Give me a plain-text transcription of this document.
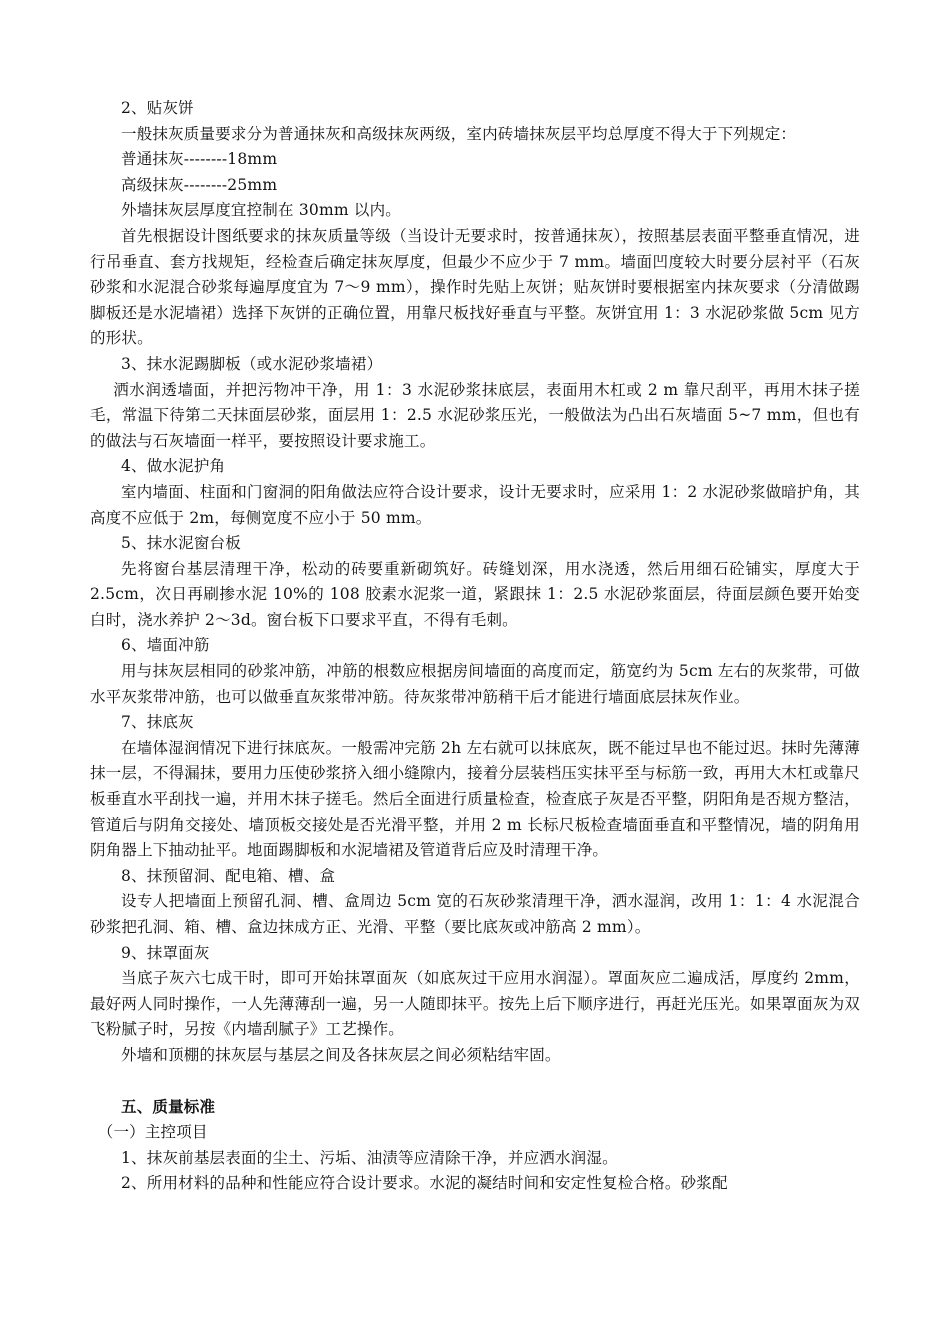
2、贴灰饼

一般抹灰质量要求分为普通抹灰和高级抹灰两级，室内砖墙抹灰层平均总厚度不得大于下列规定：

普通抹灰--------18mm

高级抹灰--------25mm

外墙抹灰层厚度宜控制在 30mm 以内。

首先根据设计图纸要求的抹灰质量等级（当设计无要求时，按普通抹灰），按照基层表面平整垂直情况，进行吊垂直、套方找规矩，经检查后确定抹灰厚度，但最少不应少于 7 mm。墙面凹度较大时要分层衬平（石灰砂浆和水泥混合砂浆每遍厚度宜为 7～9 mm），操作时先贴上灰饼；贴灰饼时要根据室内抹灰要求（分清做踢脚板还是水泥墙裙）选择下灰饼的正确位置，用靠尺板找好垂直与平整。灰饼宜用 1：3 水泥砂浆做 5cm 见方的形状。

3、抹水泥踢脚板（或水泥砂浆墙裙）

洒水润透墙面，并把污物冲干净，用 1：3 水泥砂浆抹底层，表面用木杠或 2 m 靠尺刮平，再用木抹子搓毛，常温下待第二天抹面层砂浆，面层用 1：2.5 水泥砂浆压光，一般做法为凸出石灰墙面 5~7 mm，但也有的做法与石灰墙面一样平，要按照设计要求施工。

4、做水泥护角

室内墙面、柱面和门窗洞的阳角做法应符合设计要求，设计无要求时，应采用 1：2 水泥砂浆做暗护角，其高度不应低于 2m，每侧宽度不应小于 50 mm。

5、抹水泥窗台板

先将窗台基层清理干净，松动的砖要重新砌筑好。砖缝划深，用水浇透，然后用细石砼铺实，厚度大于 2.5cm，次日再刷掺水泥 10%的 108 胶素水泥浆一道，紧跟抹 1：2.5 水泥砂浆面层，待面层颜色要开始变白时，浇水养护 2～3d。窗台板下口要求平直，不得有毛刺。

6、墙面冲筋

用与抹灰层相同的砂浆冲筋，冲筋的根数应根据房间墙面的高度而定，筋宽约为 5cm 左右的灰浆带，可做水平灰浆带冲筋，也可以做垂直灰浆带冲筋。待灰浆带冲筋稍干后才能进行墙面底层抹灰作业。

7、抹底灰

在墙体湿润情况下进行抹底灰。一般需冲完筋 2h 左右就可以抹底灰，既不能过早也不能过迟。抹时先薄薄抹一层，不得漏抹，要用力压使砂浆挤入细小缝隙内，接着分层装档压实抹平至与标筋一致，再用大木杠或靠尺板垂直水平刮找一遍，并用木抹子搓毛。然后全面进行质量检查，检查底子灰是否平整，阴阳角是否规方整洁，管道后与阴角交接处、墙顶板交接处是否光滑平整，并用 2 m 长标尺板检查墙面垂直和平整情况，墙的阴角用阴角器上下抽动扯平。地面踢脚板和水泥墙裙及管道背后应及时清理干净。

8、抹预留洞、配电箱、槽、盒

设专人把墙面上预留孔洞、槽、盒周边 5cm 宽的石灰砂浆清理干净，洒水湿润，改用 1：1：4 水泥混合砂浆把孔洞、箱、槽、盒边抹成方正、光滑、平整（要比底灰或冲筋高 2 mm）。

9、抹罩面灰

当底子灰六七成干时，即可开始抹罩面灰（如底灰过干应用水润湿）。罩面灰应二遍成活，厚度约 2mm，最好两人同时操作，一人先薄薄刮一遍，另一人随即抹平。按先上后下顺序进行，再赶光压光。如果罩面灰为双飞粉腻子时，另按《内墙刮腻子》工艺操作。

外墙和顶棚的抹灰层与基层之间及各抹灰层之间必须粘结牢固。

五、质量标准

（一）主控项目

1、抹灰前基层表面的尘土、污垢、油渍等应清除干净，并应洒水润湿。

2、所用材料的品种和性能应符合设计要求。水泥的凝结时间和安定性复检合格。砂浆配
